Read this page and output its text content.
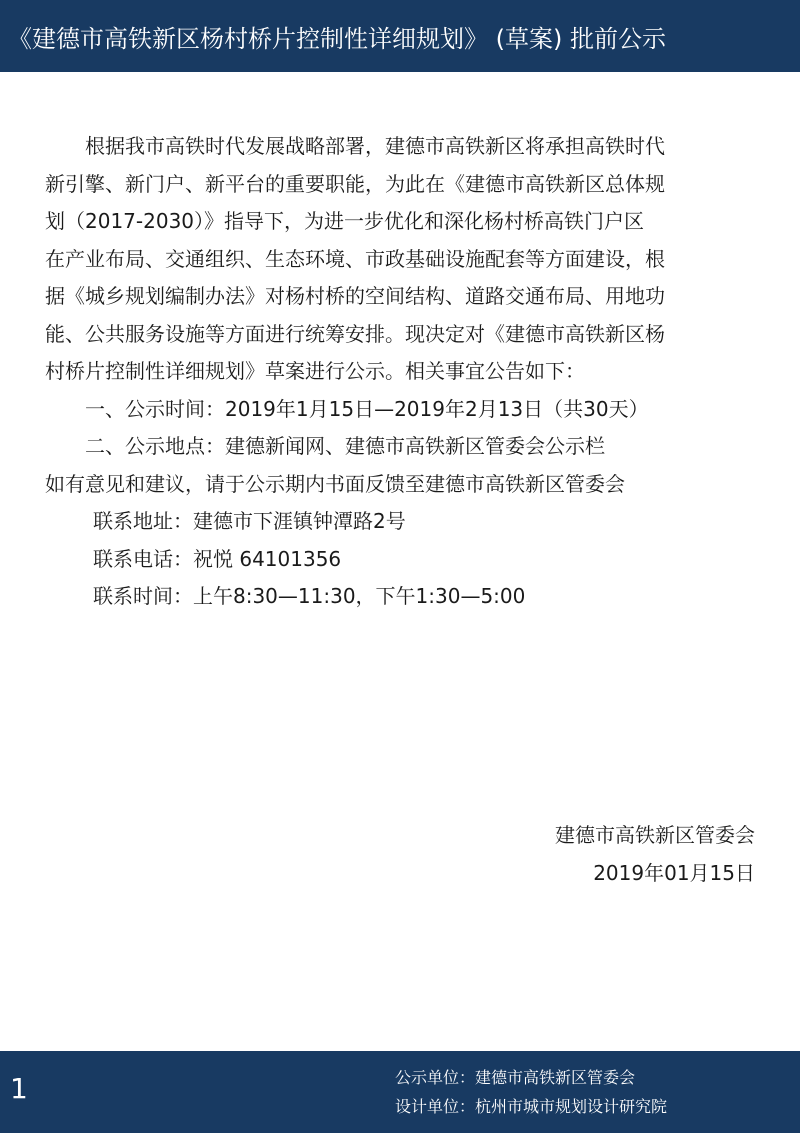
《建德市高铁新区杨村桥片控制性详细规划》 (草案) 批前公示
根据我市高铁时代发展战略部署，建德市高铁新区将承担高铁时代
新引擎、新门户、新平台的重要职能，为此在《建德市高铁新区总体规
划（2017-2030）》指导下，为进一步优化和深化杨村桥高铁门户区
在产业布局、交通组织、生态环境、市政基础设施配套等方面建设，根
据《城乡规划编制办法》对杨村桥的空间结构、道路交通布局、用地功
能、公共服务设施等方面进行统筹安排。现决定对《建德市高铁新区杨
村桥片控制性详细规划》草案进行公示。相关事宜公告如下：
一、公示时间：2019年1月15日—2019年2月13日（共30天）
二、公示地点：建德新闻网、建德市高铁新区管委会公示栏
如有意见和建议，请于公示期内书面反馈至建德市高铁新区管委会
联系地址：建德市下涯镇钟潭路2号
联系电话：祝悦 64101356
联系时间：上午8:30—11:30，下午1:30—5:00
建德市高铁新区管委会
2019年01月15日
1	公示单位：建德市高铁新区管委会
设计单位：杭州市城市规划设计研究院
